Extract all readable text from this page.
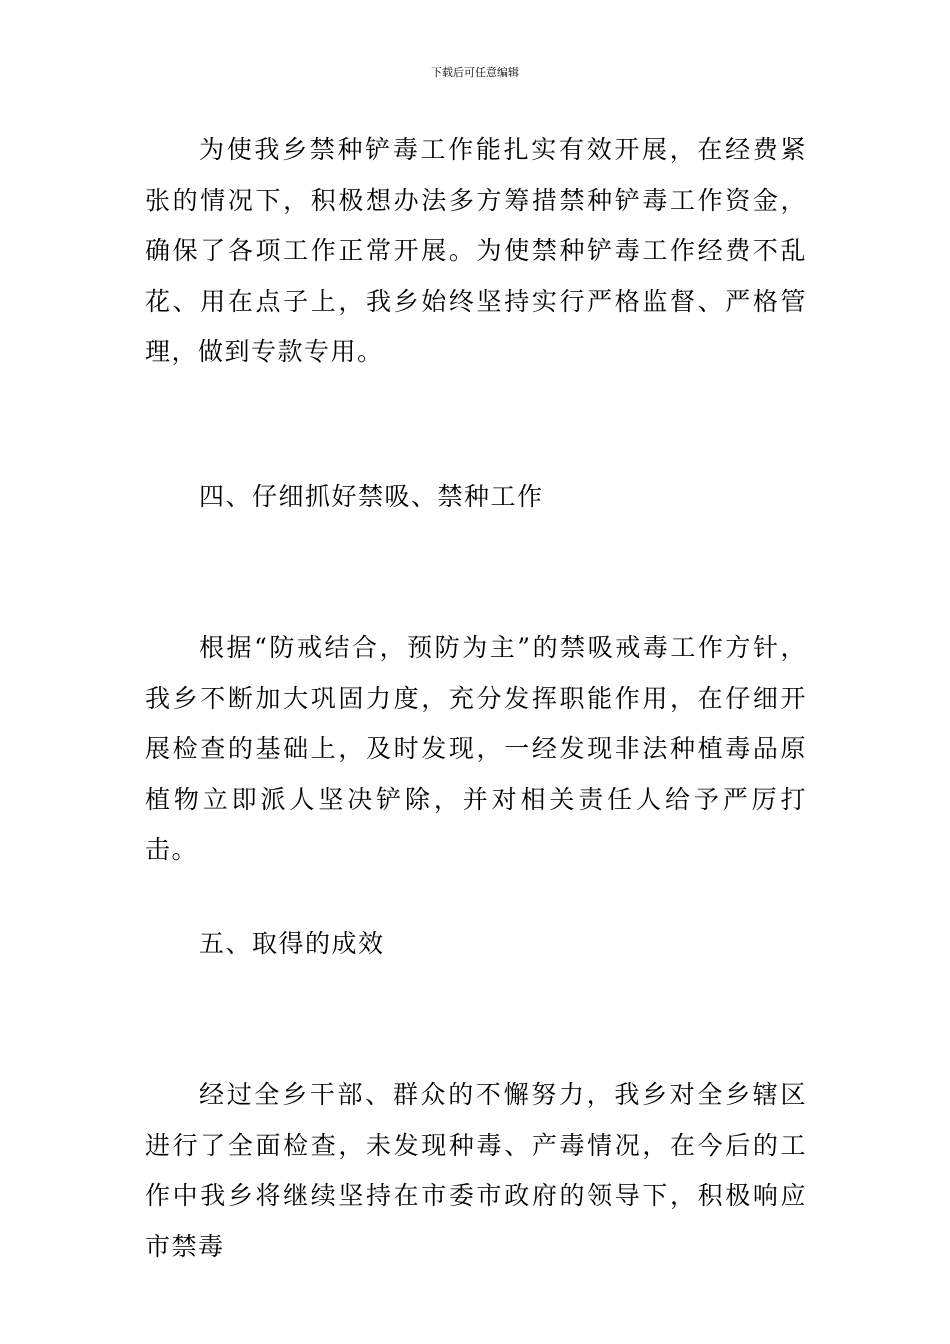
下载后可任意编辑

为使我乡禁种铲毒工作能扎实有效开展，在经费紧张的情况下，积极想办法多方筹措禁种铲毒工作资金，确保了各项工作正常开展。为使禁种铲毒工作经费不乱花、用在点子上，我乡始终坚持实行严格监督、严格管理，做到专款专用。

四、仔细抓好禁吸、禁种工作

根据“防戒结合，预防为主”的禁吸戒毒工作方针，我乡不断加大巩固力度，充分发挥职能作用，在仔细开展检查的基础上，及时发现，一经发现非法种植毒品原植物立即派人坚决铲除，并对相关责任人给予严厉打击。

五、取得的成效

经过全乡干部、群众的不懈努力，我乡对全乡辖区进行了全面检查，未发现种毒、产毒情况，在今后的工作中我乡将继续坚持在市委市政府的领导下，积极响应市禁毒
